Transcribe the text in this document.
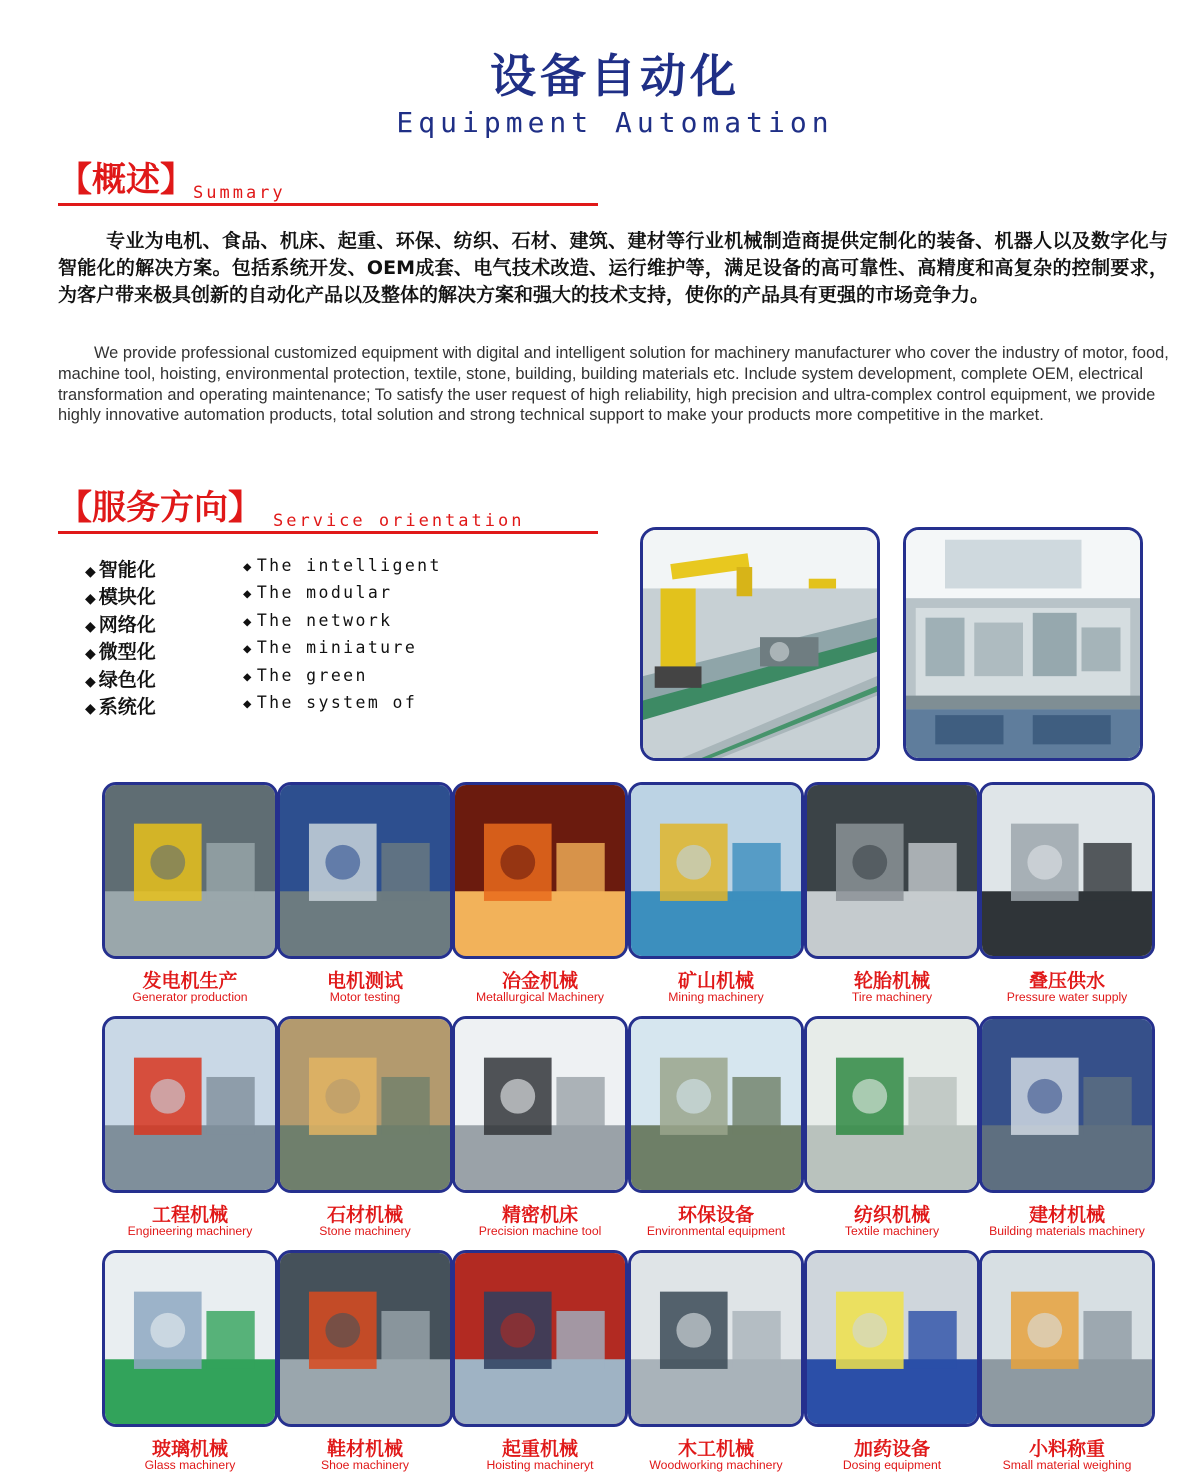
设备自动化
Equipment Automation
【概述】 Summary

专业为电机、食品、机床、起重、环保、纺织、石材、建筑、建材等行业机械制造商提供定制化的装备、机器人以及数字化与智能化的解决方案。包括系统开发、OEM成套、电气技术改造、运行维护等，满足设备的高可靠性、高精度和高复杂的控制要求，为客户带来极具创新的自动化产品以及整体的解决方案和强大的技术支持，使你的产品具有更强的市场竞争力。

We provide professional customized equipment with digital and intelligent solution for machinery manufacturer who cover the industry of motor, food, machine tool, hoisting, environmental protection, textile, stone, building, building materials etc. Include system development, complete OEM, electrical transformation and operating maintenance; To satisfy the user request of high reliability, high precision and ultra-complex control equipment, we provide highly innovative automation products, total solution and strong technical support to make your products more competitive in the market.

【服务方向】 Service orientation
◆ 智能化
◆ 模块化
◆ 网络化
◆ 微型化
◆ 绿色化
◆ 系统化
◆ The intelligent
◆ The modular
◆ The network
◆ The miniature
◆ The green
◆ The system of
发电机生产
Generator production
电机测试
Motor testing
冶金机械
Metallurgical Machinery
矿山机械
Mining machinery
轮胎机械
Tire machinery
叠压供水
Pressure water supply
工程机械
Engineering machinery
石材机械
Stone machinery
精密机床
Precision machine tool
环保设备
Environmental equipment
纺织机械
Textile machinery
建材机械
Building materials machinery
玻璃机械
Glass machinery
鞋材机械
Shoe machinery
起重机械
Hoisting machineryt
木工机械
Woodworking machinery
加药设备
Dosing equipment
小料称重
Small material weighing
